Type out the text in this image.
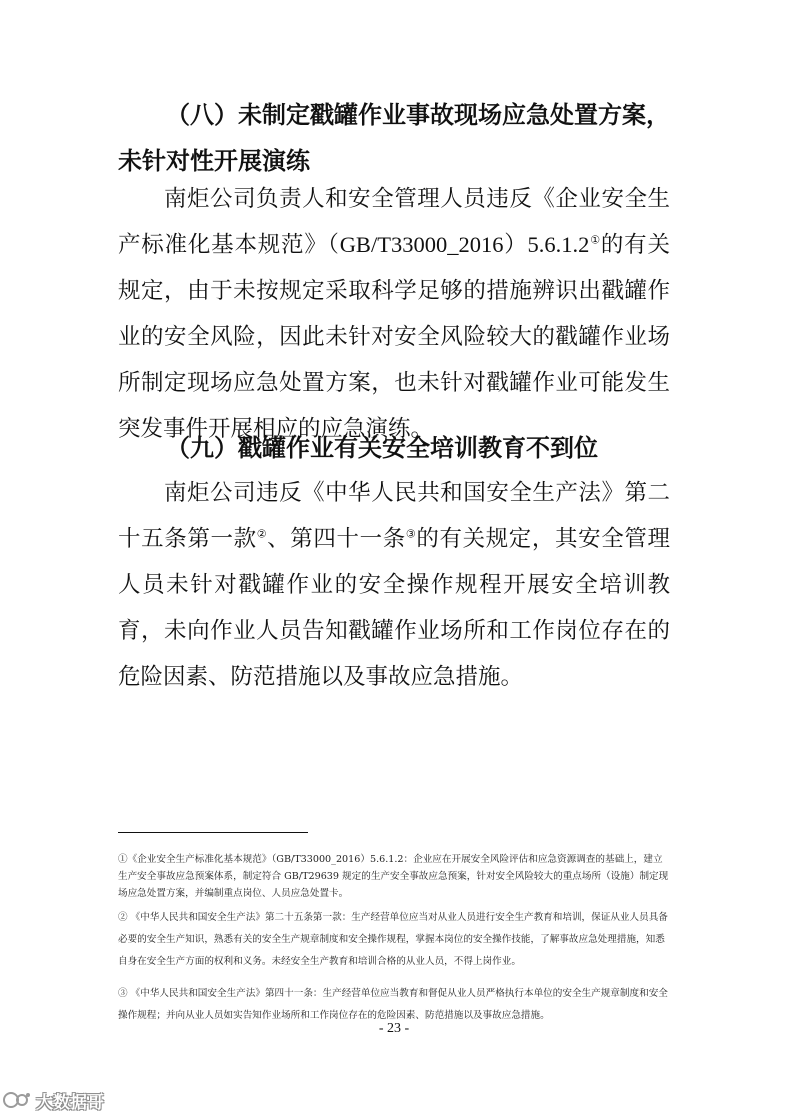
（八）未制定戳罐作业事故现场应急处置方案，未针对性开展演练

南炬公司负责人和安全管理人员违反《企业安全生产标准化基本规范》（GB/T33000_2016）5.6.1.2①的有关规定，由于未按规定采取科学足够的措施辨识出戳罐作业的安全风险，因此未针对安全风险较大的戳罐作业场所制定现场应急处置方案，也未针对戳罐作业可能发生突发事件开展相应的应急演练。

（九）戳罐作业有关安全培训教育不到位

南炬公司违反《中华人民共和国安全生产法》第二十五条第一款②、第四十一条③的有关规定，其安全管理人员未针对戳罐作业的安全操作规程开展安全培训教育，未向作业人员告知戳罐作业场所和工作岗位存在的危险因素、防范措施以及事故应急措施。

①《企业安全生产标准化基本规范》（GB/T33000_2016）5.6.1.2：企业应在开展安全风险评估和应急资源调查的基础上，建立生产安全事故应急预案体系，制定符合 GB/T29639 规定的生产安全事故应急预案，针对安全风险较大的重点场所（设施）制定现场应急处置方案，并编制重点岗位、人员应急处置卡。

② 《中华人民共和国安全生产法》第二十五条第一款：生产经营单位应当对从业人员进行安全生产教育和培训，保证从业人员具备必要的安全生产知识，熟悉有关的安全生产规章制度和安全操作规程，掌握本岗位的安全操作技能，了解事故应急处理措施，知悉自身在安全生产方面的权利和义务。未经安全生产教育和培训合格的从业人员，不得上岗作业。

③ 《中华人民共和国安全生产法》第四十一条：生产经营单位应当教育和督促从业人员严格执行本单位的安全生产规章制度和安全操作规程；并向从业人员如实告知作业场所和工作岗位存在的危险因素、防范措施以及事故应急措施。

- 23 -
大数据哥
